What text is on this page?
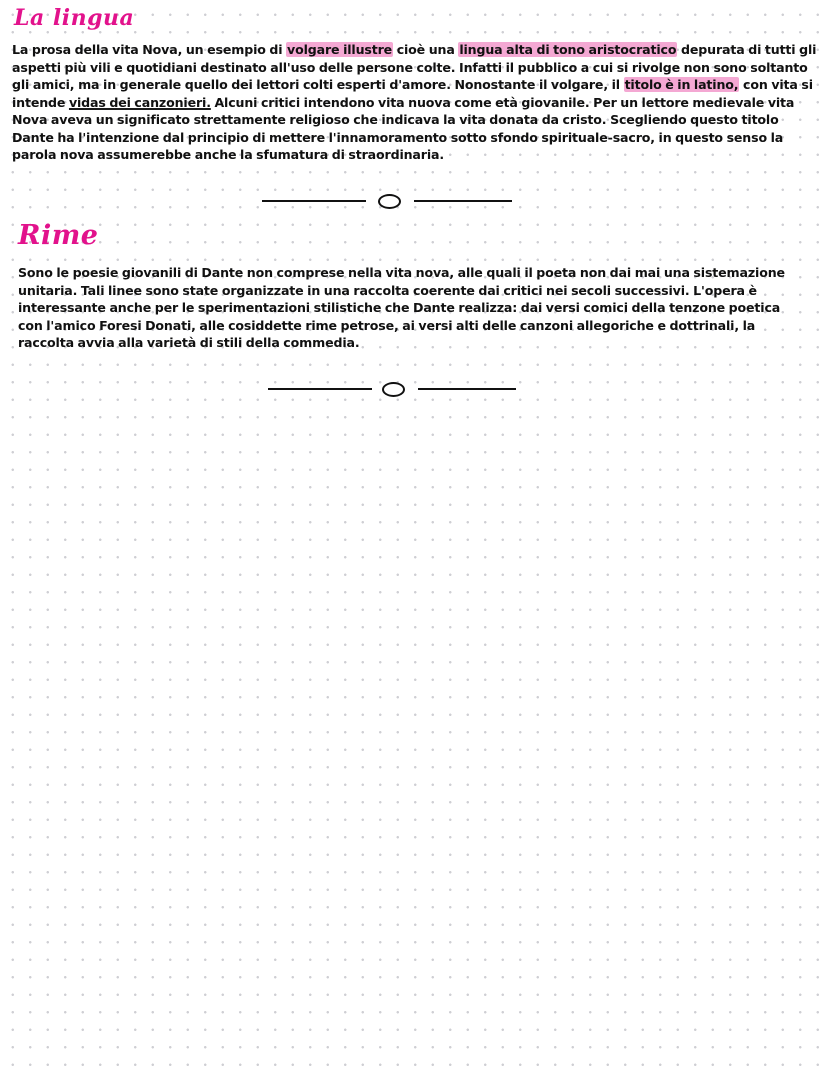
La lingua

La prosa della vita Nova, un esempio di volgare illustre cioè una lingua alta di tono aristocratico depurata di tutti gli aspetti più vili e quotidiani destinato all'uso delle persone colte. Infatti il pubblico a cui si rivolge non sono soltanto gli amici, ma in generale quello dei lettori colti esperti d'amore. Nonostante il volgare, il titolo è in latino, con vita si intende vidas dei canzonieri. Alcuni critici intendono vita nuova come età giovanile. Per un lettore medievale vita Nova aveva un significato strettamente religioso che indicava la vita donata da cristo. Scegliendo questo titolo Dante ha l'intenzione dal principio di mettere l'innamoramento sotto sfondo spirituale-sacro, in questo senso la parola nova assumerebbe anche la sfumatura di straordinaria.

Rime

Sono le poesie giovanili di Dante non comprese nella vita nova, alle quali il poeta non dai mai una sistemazione unitaria. Tali linee sono state organizzate in una raccolta coerente dai critici nei secoli successivi. L'opera è interessante anche per le sperimentazioni stilistiche che Dante realizza: dai versi comici della tenzone poetica con l'amico Foresi Donati, alle cosiddette rime petrose, ai versi alti delle canzoni allegoriche e dottrinali, la raccolta avvia alla varietà di stili della commedia.
